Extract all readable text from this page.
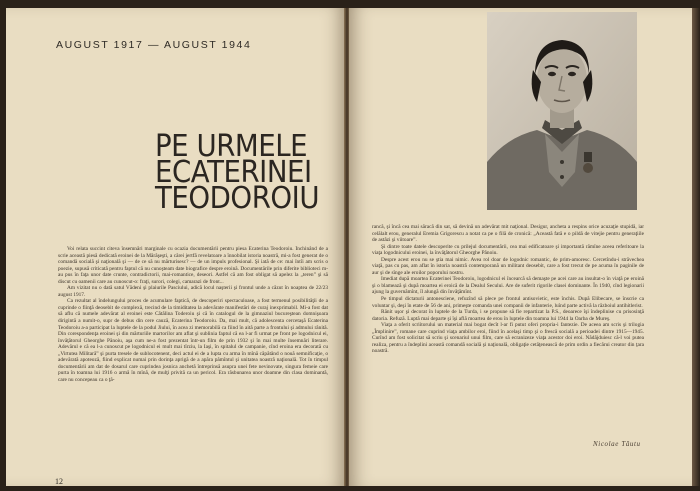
AUGUST 1917 — AUGUST 1944
PE URMELE
ECATERINEI
TEODOROIU

Voi relata succint citeva însemnări marginale cu ocazia documentării pentru piesa Ecaterina Teodoroiu. Închinând de a scrie această piesă dedicată eroinei de la Mărăşeşti, a cărei jertfă revelatoare a înnobilat istoria noastră, mi-a fost generat de o comandă socială şi naţională şi — de ce să nu mărturisesc? — de un impuls profesional. Şi iată de ce: mai întîi am scris o poezie, supusă criticată pentru faptul că nu cunoşteam date biografice despre eroină. Documentările prin diferite biblioteci m-au pus în faţa unor date crunte, contradictorii, mai-romantice, deseori. Astfel că am fost obligat să apelez la „teren” şi să discut cu oamenii care au cunoscut-o: fraţi, surori, colegi, camarazi de front...

Am vizitat nu o dată satul Vădeni şi plaiurile Pasciului, adică locul naşterii şi frontul unde a căzut în noaptea de 22/23 august 1917.

Ca rezultat al îndelungului proces de acumulare faptică, de descoperiri spectaculoase, a fost termenul posibilităţii de a cuprinde o fiinţă deosebit de complexă, trecind de la timiditatea la adevărate manifestări de curaj inexprimabil. Mi-a fost dat să aflu că numele adevărat al eroinei este Cătălina Toderoiu şi că în catalogul de la gimnaziul bucureştean domnişoara dirigintă a numit-o, supr de debus din cere cauză, Ecaterina Teodoroiu. Da, mai mult, că adolescenta cercetaşă Ecaterina Teodoroiu a-a participat la luptele de la podul Jiului, în acea zi memorabilă ca fiind în aită parte a frontului şi admului rănită. Din corespondenţa eroinei şi din mărturiile martorilor am aflat şi sublinia faptul că ea l-ar fi urmat pe front pe logodnicul ei, învăţătorul Gheorghe Pănoiu, aşa cum ne-a fost prezentat într-un film de prin 1932 şi în mai multe însemnări literare. Adevărul e că ea l-a cunoscut pe logodnicul ei mult mai tîrziu, la Iaşi, în spitalul de campanie, cînd eroina era decorată cu „Virtutea Militară” şi purta tresele de sublocotenent, deci actul ei de a lupta cu arma în mînă căpătând o nouă semnificaţie, o adevărată apoteoză, fiind explicat numai prin dorinţa aprigă de a apăra pămîntul şi unitatea noastră naţională. Tot în timpul documentării am dat de dosarul care cuprindea josnica anchetă întreprinsă asupra unei fete nevinovate, singura femeie care purta în toamna lui 1916 o armă în mînă, de mulţi privită ca un pericol. Era răsbunarea unor doamne din clasa dominantă, care nu concepeau ca o ţă-

12

rancă, şi încă cea mai săracă din sat, să devină un adevărat mit naţional. Desigur, ancheta a respins orice acuzaţie stupidă, iar celălalt erou, generalul Eremia Grigorescu a notat ca pe o filă de cronică: „Această fată e o pildă de vitejie pentru generaţiile de astăzi şi viitoare”.

Şi dintre toate datele descoperite cu prilejul documentării, cea mai edificatoare şi importantă rămîne aceea referitoare la viaţa logodnicului eroinei, la învăţătorul Gheorghe Pănoiu.

Despre acest erou nu se ştia mai nimic. Avea rol doar de logodnic romantic, de prim-amoresc. Cercetîndu-i străvechea viaţă, pas cu pas, am aflat în istoria noastră contemporană un militant deosebit, care a fost trecut de pe acuma în paginile de aur şi de sînge ale eroilor poporului nostru.

Imediat după moartea Ecaterinei Teodoroiu, logodnicul ei încearcă să demaşte pe acei care au insultat-o în viaţă pe eroină şi o blamează şi după moartea ei eroică de la Dealul Secului. Are de suferit rigorile clasei dominante. În 1940, cînd legionarii ajung la guvernămînt, îl alungă din învăţămînt.

Pe timpul dictaturii antonesciene, refuzînd să plece pe frontul antisovietic, este închis. După Elibecare, se înscrie ca voluntar şi, deşi în etate de 56 de ani, primeşte comanda unei companii de infanterie, luînd parte activă la războiul antihitlerist.

Rănit uşor şi decorat în luptele de la Turda, i se propune să fie repartizat la P.S., deoarece îşi îndeplinise cu prisosinţă datoria. Refuză. Luptă mai departe şi îşi află moartea de erou în luptele din toamna lui 1944 la Oarba de Mureş.

Viaţa a oferit scriitorului un material mai bogat decît l-ar fi putut oferi propria-i fantezie. De aceea am scris şi trilogia „Împlinire”, romane care cuprind viaţa ambilor eroi, fiind în acelaşi timp şi o frescă socială a perioadei dintre 1915—1945. Curînd am fost solicitat să scriu şi scenariul unui film, care să ecranizeze viaţa acestor doi eroi. Nădăjduiesc că-l voi putea realiza, pentru a îndeplini această comandă socială şi naţională, obligaţie cetăţenească de prim ordin a fiecărui creator din ţara noastră.

Nicolae Tăutu
